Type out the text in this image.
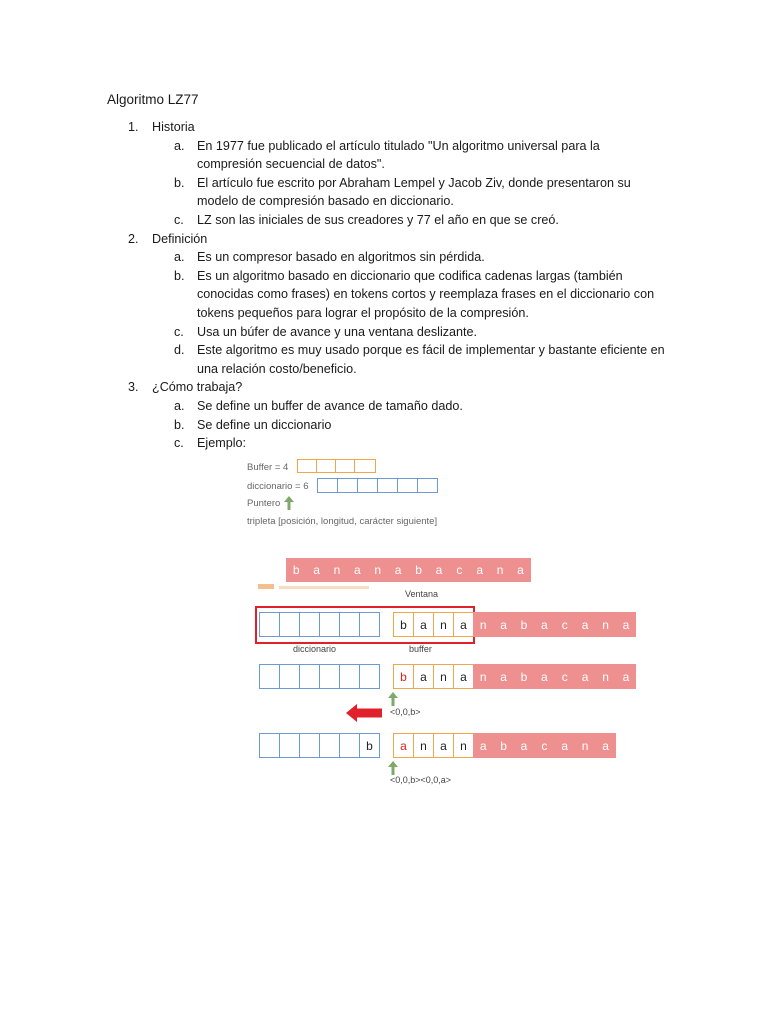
Algoritmo LZ77
1. Historia
a. En 1977 fue publicado el artículo titulado "Un algoritmo universal para la compresión secuencial de datos".
b. El artículo fue escrito por Abraham Lempel y Jacob Ziv, donde presentaron su modelo de compresión basado en diccionario.
c. LZ son las iniciales de sus creadores y 77 el año en que se creó.
2. Definición
a. Es un compresor basado en algoritmos sin pérdida.
b. Es un algoritmo basado en diccionario que codifica cadenas largas (también conocidas como frases) en tokens cortos y reemplaza frases en el diccionario con tokens pequeños para lograr el propósito de la compresión.
c. Usa un búfer de avance y una ventana deslizante.
d. Este algoritmo es muy usado porque es fácil de implementar y bastante eficiente en una relación costo/beneficio.
3. ¿Cómo trabaja?
a. Se define un buffer de avance de tamaño dado.
b. Se define un diccionario
c. Ejemplo:
Buffer = 4
diccionario = 6
Puntero
tripleta [posición, longitud, carácter siguiente]
b	a	n	a	n	a	b	a	c	a	n	a
Ventana
b	a	n	a	n	a	b	a	c	a	n	a
diccionario	buffer
b	a	n	a	n	a	b	a	c	a	n	a
<0,0,b>
b	a	n	a	n	a	b	a	c	a	n	a
<0,0,b><0,0,a>
